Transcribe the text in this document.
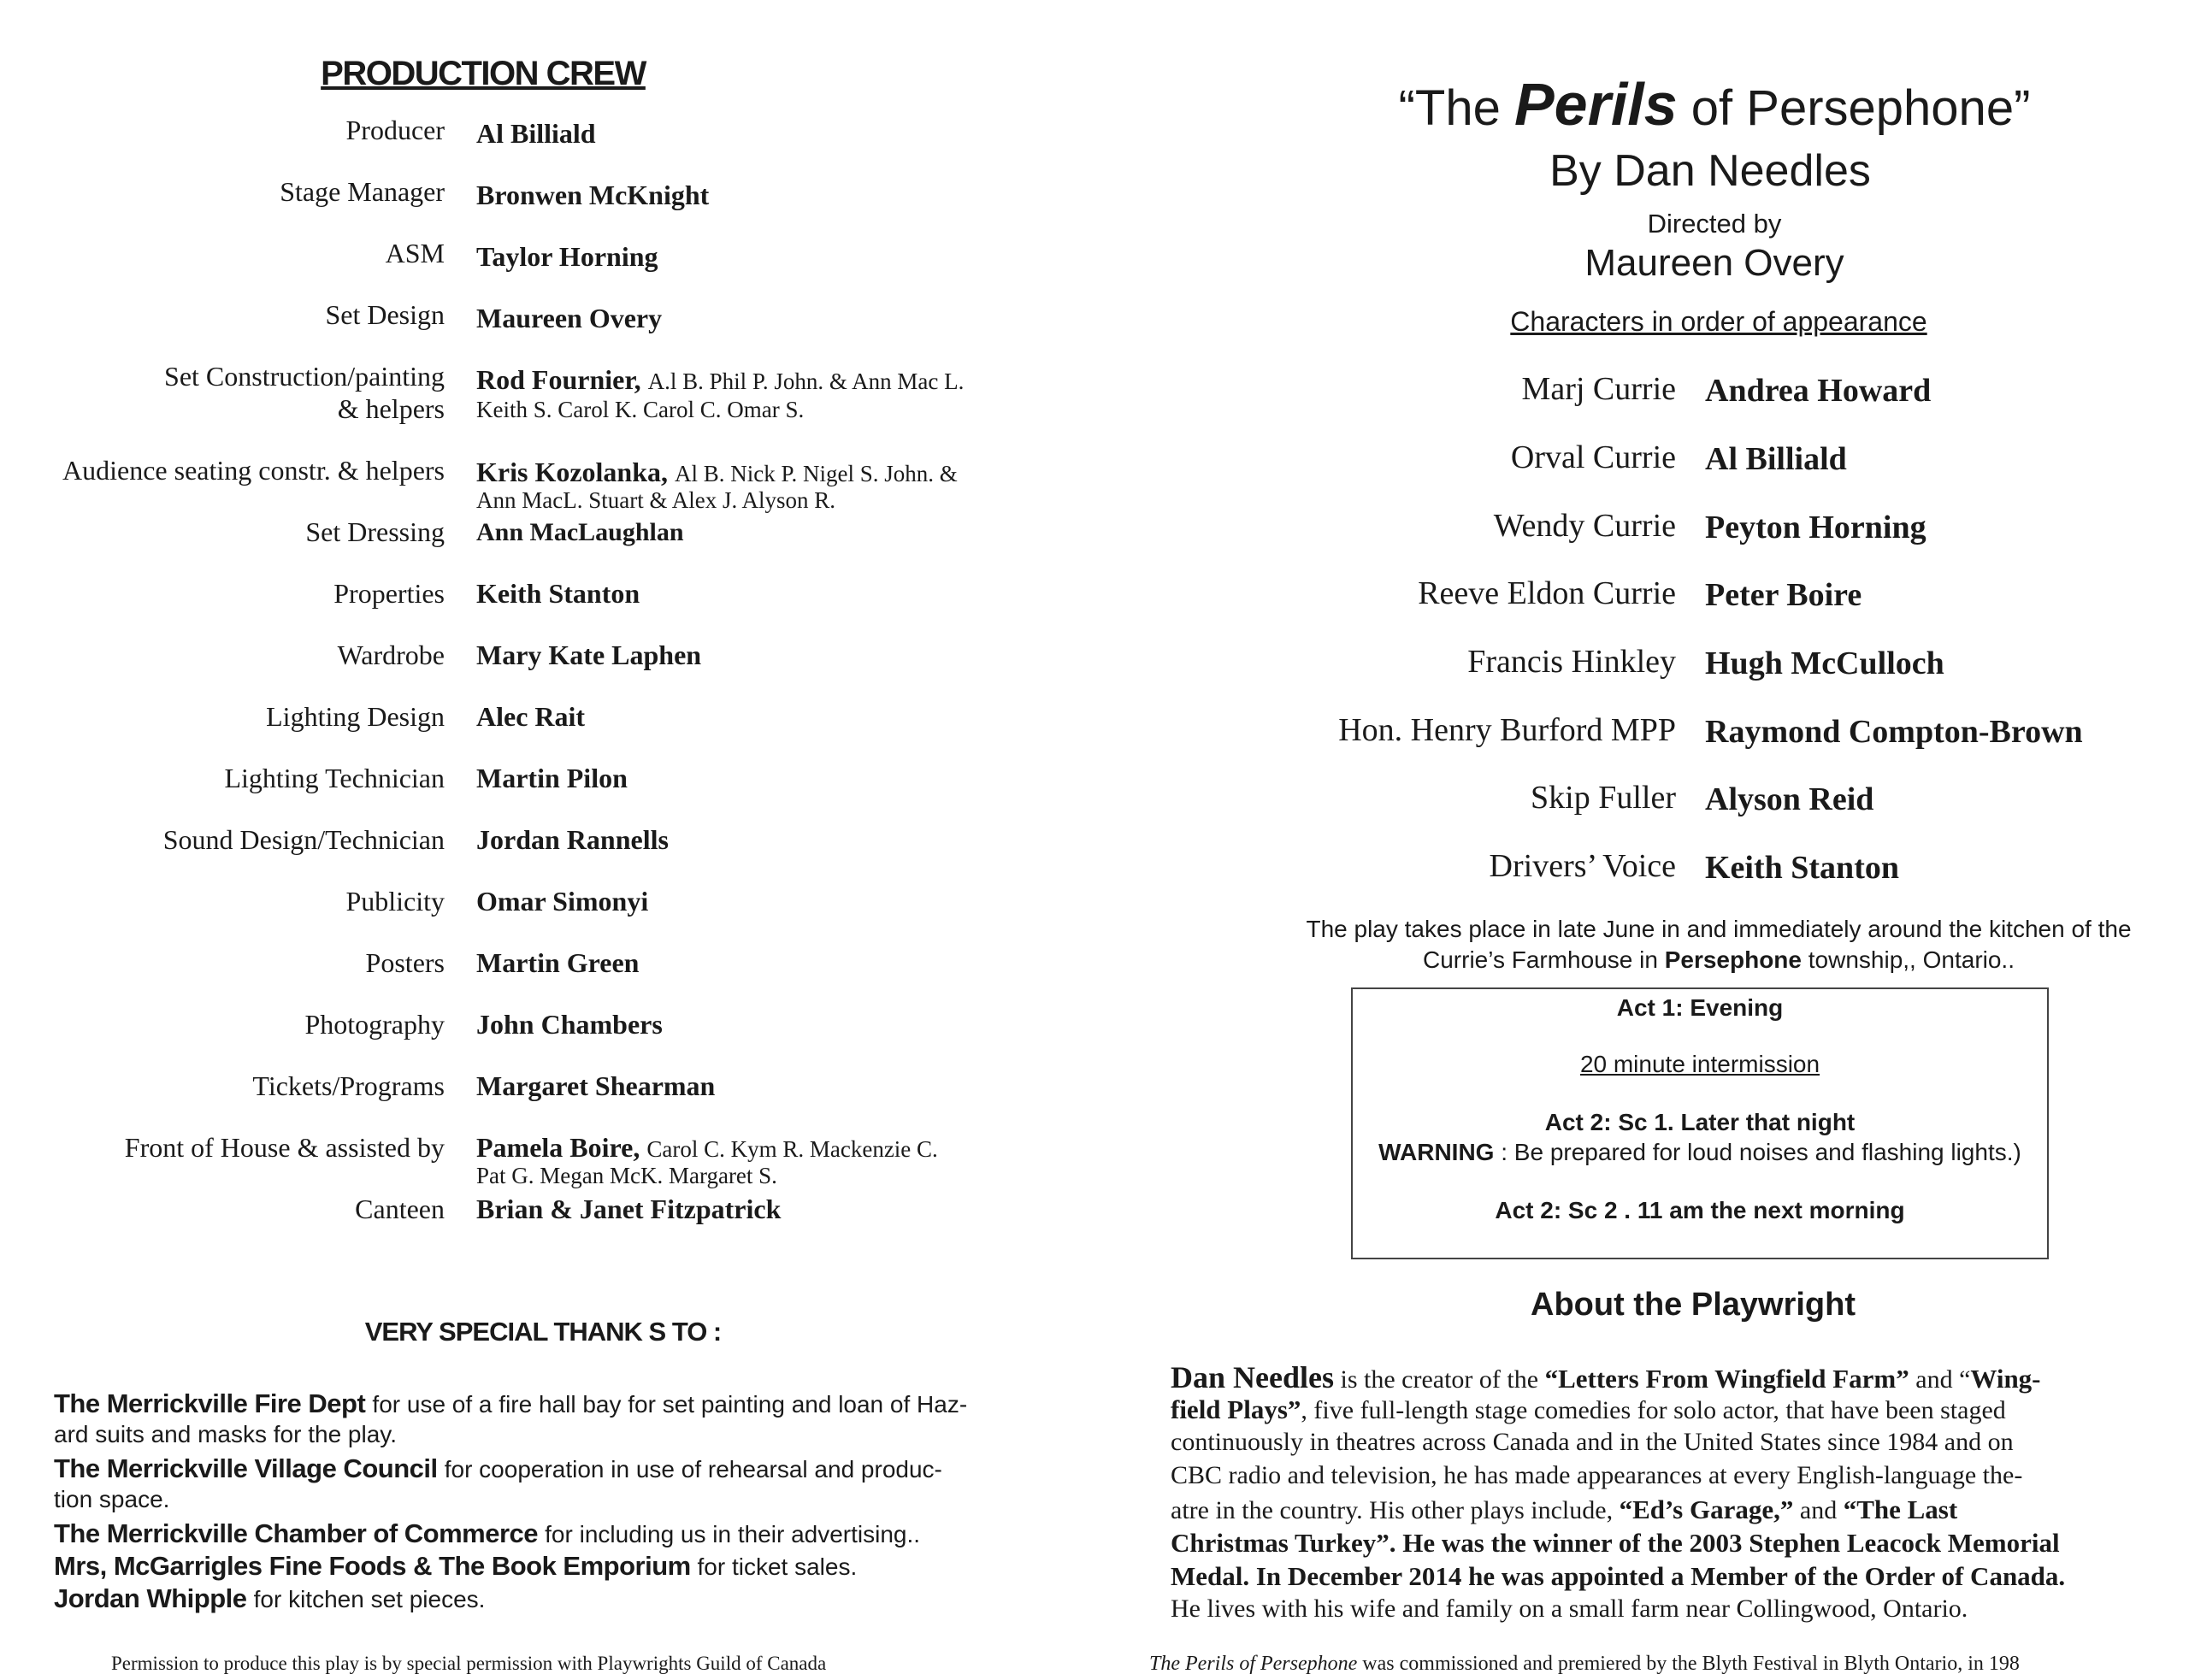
PRODUCTION CREW
Producer Al Billiald
Stage Manager Bronwen McKnight
ASM Taylor Horning
Set Design Maureen Overy
Set Construction/painting Rod Fournier, A.l B. Phil P. John. & Ann Mac L.
& helpers Keith S. Carol K. Carol C. Omar S.
Audience seating constr. & helpers Kris Kozolanka, Al B. Nick P. Nigel S. John. &
Ann MacL. Stuart & Alex J. Alyson R.
Set Dressing Ann MacLaughlan
Properties Keith Stanton
Wardrobe Mary Kate Laphen
Lighting Design Alec Rait
Lighting Technician Martin Pilon
Sound Design/Technician Jordan Rannells
Publicity Omar Simonyi
Posters Martin Green
Photography John Chambers
Tickets/Programs Margaret Shearman
Front of House & assisted by Pamela Boire, Carol C. Kym R. Mackenzie C.
Pat G. Megan McK. Margaret S.
Canteen Brian & Janet Fitzpatrick
VERY SPECIAL THANK S TO :
The Merrickville Fire Dept for use of a fire hall bay for set painting and loan of Haz-
ard suits and masks for the play.
The Merrickville Village Council for cooperation in use of rehearsal and produc-
tion space.
The Merrickville Chamber of Commerce for including us in their advertising..
Mrs, McGarrigles Fine Foods & The Book Emporium for ticket sales.
Jordan Whipple for kitchen set pieces.
Permission to produce this play is by special permission with Playwrights Guild of Canada
“The Perils of Persephone”
By Dan Needles
Directed by
Maureen Overy
Characters in order of appearance
Marj Currie Andrea Howard
Orval Currie Al Billiald
Wendy Currie Peyton Horning
Reeve Eldon Currie Peter Boire
Francis Hinkley Hugh McCulloch
Hon. Henry Burford MPP Raymond Compton-Brown
Skip Fuller Alyson Reid
Drivers’ Voice Keith Stanton
The play takes place in late June in and immediately around the kitchen of the
Currie’s Farmhouse in Persephone township,, Ontario..
Act 1: Evening
20 minute intermission
Act 2: Sc 1. Later that night
WARNING : Be prepared for loud noises and flashing lights.)
Act 2: Sc 2 . 11 am the next morning
About the Playwright
Dan Needles is the creator of the “Letters From Wingfield Farm” and “Wing-
field Plays”, five full-length stage comedies for solo actor, that have been staged
continuously in theatres across Canada and in the United States since 1984 and on
CBC radio and television, he has made appearances at every English-language the-
atre in the country. His other plays include, “Ed’s Garage,” and “The Last
Christmas Turkey”. He was the winner of the 2003 Stephen Leacock Memorial
Medal. In December 2014 he was appointed a Member of the Order of Canada.
He lives with his wife and family on a small farm near Collingwood, Ontario.
The Perils of Persephone was commissioned and premiered by the Blyth Festival in Blyth Ontario, in 198
